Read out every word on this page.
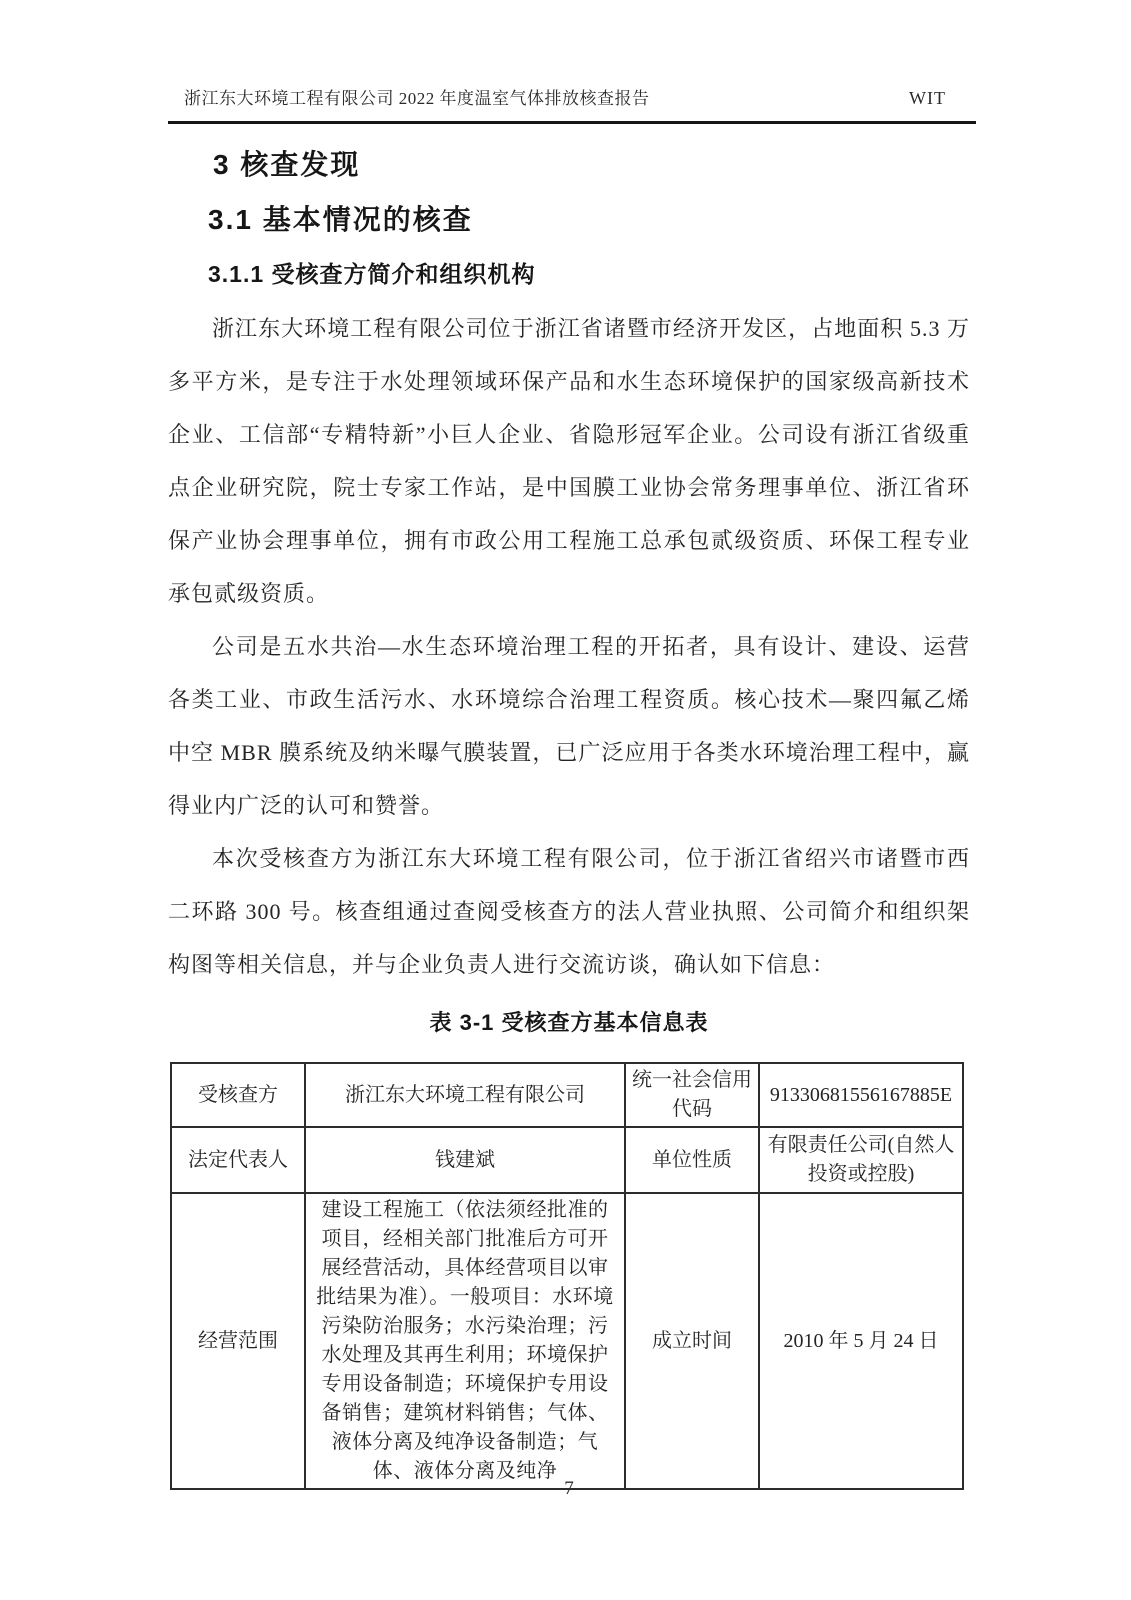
浙江东大环境工程有限公司 2022 年度温室气体排放核查报告	WIT
3 核查发现
3.1 基本情况的核查
3.1.1 受核查方简介和组织机构

浙江东大环境工程有限公司位于浙江省诸暨市经济开发区，占地面积 5.3 万多平方米，是专注于水处理领域环保产品和水生态环境保护的国家级高新技术企业、工信部“专精特新”小巨人企业、省隐形冠军企业。公司设有浙江省级重点企业研究院，院士专家工作站，是中国膜工业协会常务理事单位、浙江省环保产业协会理事单位，拥有市政公用工程施工总承包贰级资质、环保工程专业承包贰级资质。

公司是五水共治—水生态环境治理工程的开拓者，具有设计、建设、运营各类工业、市政生活污水、水环境综合治理工程资质。核心技术—聚四氟乙烯中空 MBR 膜系统及纳米曝气膜装置，已广泛应用于各类水环境治理工程中，赢得业内广泛的认可和赞誉。

本次受核查方为浙江东大环境工程有限公司，位于浙江省绍兴市诸暨市西二环路 300 号。核查组通过查阅受核查方的法人营业执照、公司简介和组织架构图等相关信息，并与企业负责人进行交流访谈，确认如下信息：

表 3-1 受核查方基本信息表
受核查方	浙江东大环境工程有限公司	统一社会信用代码	91330681556167885E
法定代表人	钱建斌	单位性质	有限责任公司(自然人投资或控股)
经营范围	建设工程施工（依法须经批准的项目，经相关部门批准后方可开展经营活动，具体经营项目以审批结果为准）。一般项目：水环境污染防治服务；水污染治理；污水处理及其再生利用；环境保护专用设备制造；环境保护专用设备销售；建筑材料销售；气体、液体分离及纯净设备制造；气体、液体分离及纯净	成立时间	2010 年 5 月 24 日
7
